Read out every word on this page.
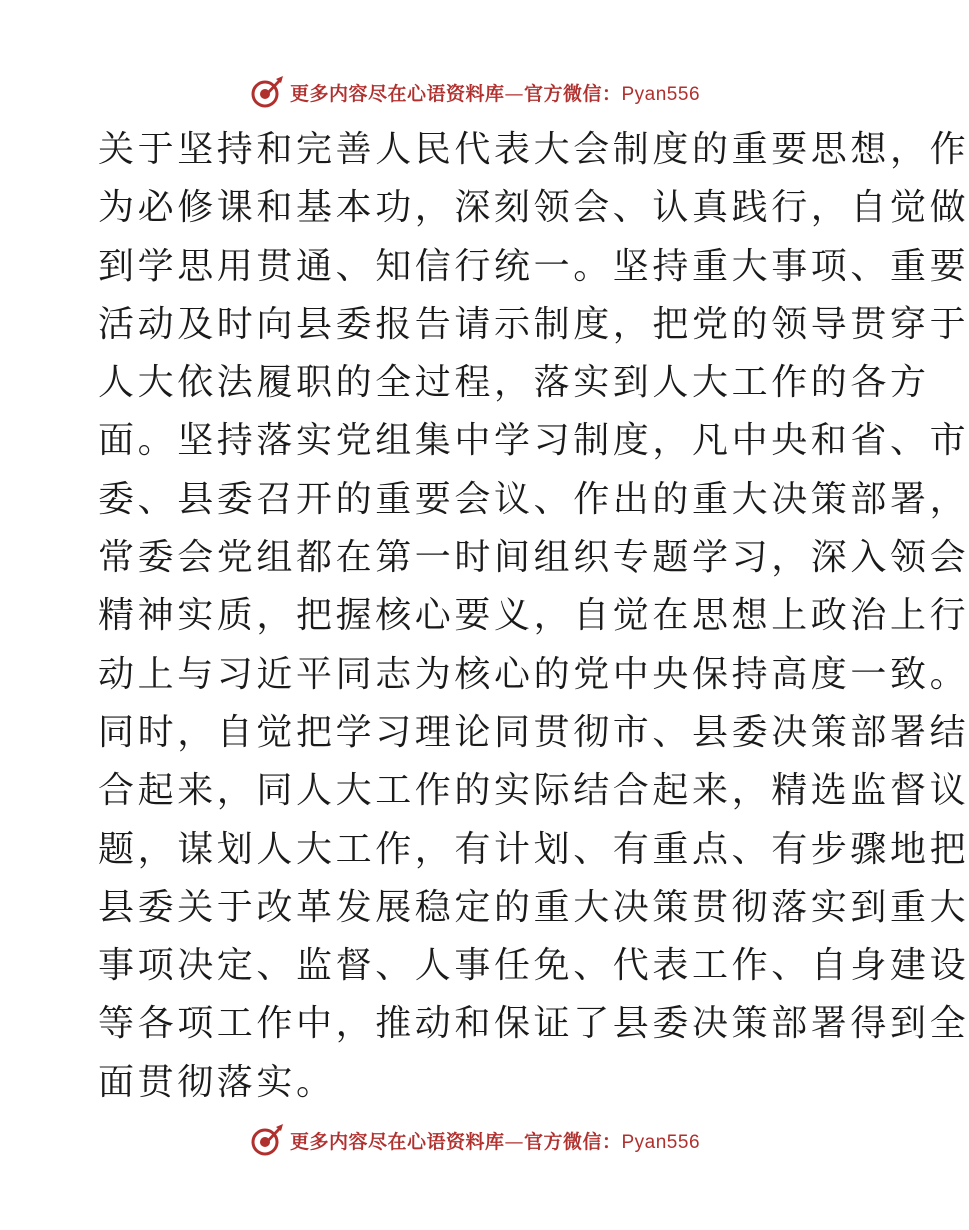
更多内容尽在心语资料库—官方微信：Pyan556
关于坚持和完善人民代表大会制度的重要思想，作
为必修课和基本功，深刻领会、认真践行，自觉做
到学思用贯通、知信行统一。坚持重大事项、重要
活动及时向县委报告请示制度，把党的领导贯穿于
人大依法履职的全过程，落实到人大工作的各方
面。坚持落实党组集中学习制度，凡中央和省、市
委、县委召开的重要会议、作出的重大决策部署，
常委会党组都在第一时间组织专题学习，深入领会
精神实质，把握核心要义，自觉在思想上政治上行
动上与习近平同志为核心的党中央保持高度一致。
同时，自觉把学习理论同贯彻市、县委决策部署结
合起来，同人大工作的实际结合起来，精选监督议
题，谋划人大工作，有计划、有重点、有步骤地把
县委关于改革发展稳定的重大决策贯彻落实到重大
事项决定、监督、人事任免、代表工作、自身建设
等各项工作中，推动和保证了县委决策部署得到全
面贯彻落实。
更多内容尽在心语资料库—官方微信：Pyan556
